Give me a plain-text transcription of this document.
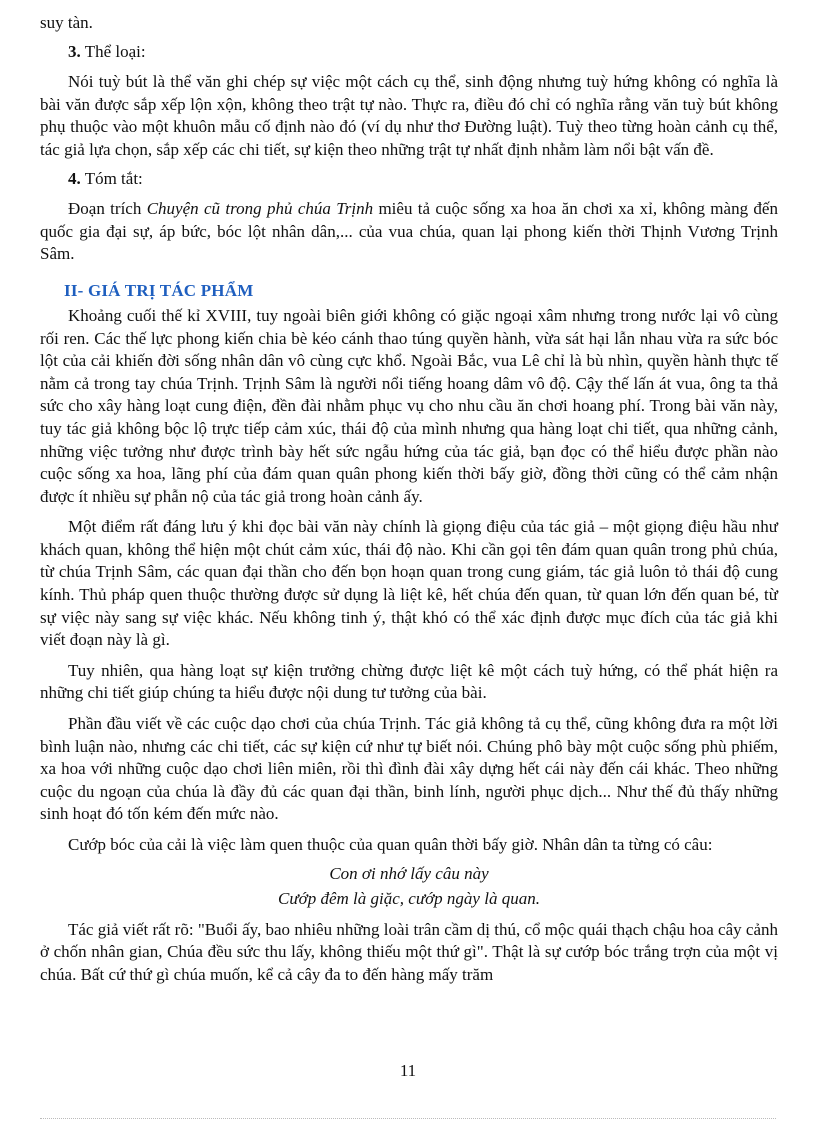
suy tàn.

3. Thể loại:

Nói tuỳ bút là thể văn ghi chép sự việc một cách cụ thể, sinh động nhưng tuỳ hứng không có nghĩa là bài văn được sắp xếp lộn xộn, không theo trật tự nào. Thực ra, điều đó chỉ có nghĩa rằng văn tuỳ bút không phụ thuộc vào một khuôn mẫu cố định nào đó (ví dụ như thơ Đường luật). Tuỳ theo từng hoàn cảnh cụ thể, tác giả lựa chọn, sắp xếp các chi tiết, sự kiện theo những trật tự nhất định nhằm làm nổi bật vấn đề.

4. Tóm tắt:

Đoạn trích Chuyện cũ trong phủ chúa Trịnh miêu tả cuộc sống xa hoa ăn chơi xa xỉ, không màng đến quốc gia đại sự, áp bức, bóc lột nhân dân,... của vua chúa, quan lại phong kiến thời Thịnh Vương Trịnh Sâm.

II- GIÁ TRỊ TÁC PHẨM

Khoảng cuối thế kỉ XVIII, tuy ngoài biên giới không có giặc ngoại xâm nhưng trong nước lại vô cùng rối ren. Các thế lực phong kiến chia bè kéo cánh thao túng quyền hành, vừa sát hại lẫn nhau vừa ra sức bóc lột của cải khiến đời sống nhân dân vô cùng cực khổ. Ngoài Bắc, vua Lê chỉ là bù nhìn, quyền hành thực tế nằm cả trong tay chúa Trịnh. Trịnh Sâm là người nổi tiếng hoang dâm vô độ. Cậy thế lấn át vua, ông ta thả sức cho xây hàng loạt cung điện, đền đài nhằm phục vụ cho nhu cầu ăn chơi hoang phí. Trong bài văn này, tuy tác giả không bộc lộ trực tiếp cảm xúc, thái độ của mình nhưng qua hàng loạt chi tiết, qua những cảnh, những việc tưởng như được trình bày hết sức ngẫu hứng của tác giả, bạn đọc có thể hiểu được phần nào cuộc sống xa hoa, lãng phí của đám quan quân phong kiến thời bấy giờ, đồng thời cũng có thể cảm nhận được ít nhiều sự phẫn nộ của tác giả trong hoàn cảnh ấy.

Một điểm rất đáng lưu ý khi đọc bài văn này chính là giọng điệu của tác giả – một giọng điệu hầu như khách quan, không thể hiện một chút cảm xúc, thái độ nào. Khi cần gọi tên đám quan quân trong phủ chúa, từ chúa Trịnh Sâm, các quan đại thần cho đến bọn hoạn quan trong cung giám, tác giả luôn tỏ thái độ cung kính. Thủ pháp quen thuộc thường được sử dụng là liệt kê, hết chúa đến quan, từ quan lớn đến quan bé, từ sự việc này sang sự việc khác. Nếu không tinh ý, thật khó có thể xác định được mục đích của tác giả khi viết đoạn này là gì.

Tuy nhiên, qua hàng loạt sự kiện trưởng chừng được liệt kê một cách tuỳ hứng, có thể phát hiện ra những chi tiết giúp chúng ta hiểu được nội dung tư tưởng của bài.

Phần đầu viết về các cuộc dạo chơi của chúa Trịnh. Tác giả không tả cụ thể, cũng không đưa ra một lời bình luận nào, nhưng các chi tiết, các sự kiện cứ như tự biết nói. Chúng phô bày một cuộc sống phù phiếm, xa hoa với những cuộc dạo chơi liên miên, rồi thì đình đài xây dựng hết cái này đến cái khác. Theo những cuộc du ngoạn của chúa là đầy đủ các quan đại thần, binh lính, người phục dịch... Như thế đủ thấy những sinh hoạt đó tốn kém đến mức nào.

Cướp bóc của cải là việc làm quen thuộc của quan quân thời bấy giờ. Nhân dân ta từng có câu:

Con ơi nhớ lấy câu này

Cướp đêm là giặc, cướp ngày là quan.

Tác giả viết rất rõ: "Buổi ấy, bao nhiêu những loài trân cầm dị thú, cổ mộc quái thạch chậu hoa cây cảnh ở chốn nhân gian, Chúa đều sức thu lấy, không thiếu một thứ gì". Thật là sự cướp bóc trắng trợn của một vị chúa. Bất cứ thứ gì chúa muốn, kể cả cây đa to đến hàng mấy trăm

11
